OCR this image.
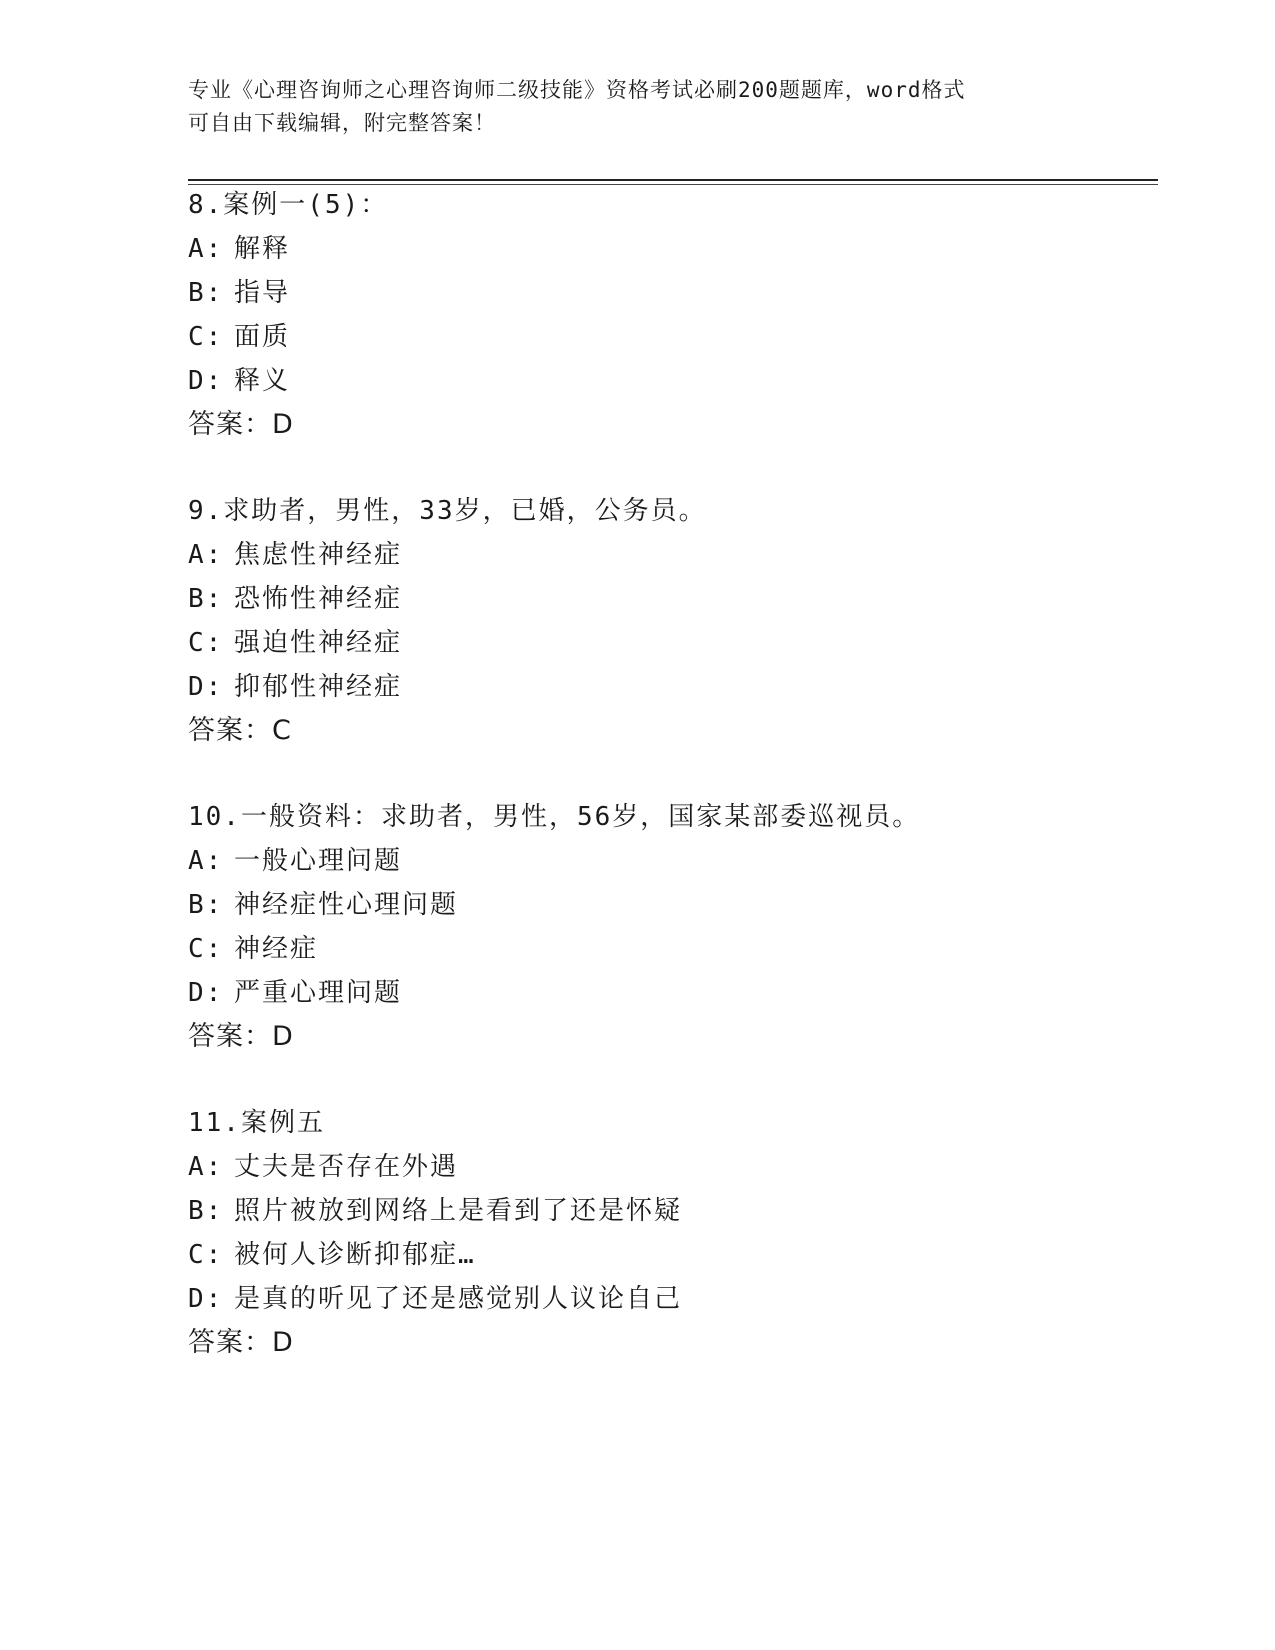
专业《心理咨询师之心理咨询师二级技能》资格考试必刷200题题库，word格式
可自由下载编辑，附完整答案！
8.案例一(5)：
A: 解释
B: 指导
C: 面质
D: 释义
答案：D
9.求助者，男性，33岁，已婚，公务员。
A: 焦虑性神经症
B: 恐怖性神经症
C: 强迫性神经症
D: 抑郁性神经症
答案：C
10.一般资料：求助者，男性，56岁，国家某部委巡视员。
A: 一般心理问题
B: 神经症性心理问题
C: 神经症
D: 严重心理问题
答案：D
11.案例五
A: 丈夫是否存在外遇
B: 照片被放到网络上是看到了还是怀疑
C: 被何人诊断抑郁症…
D: 是真的听见了还是感觉别人议论自己
答案：D
